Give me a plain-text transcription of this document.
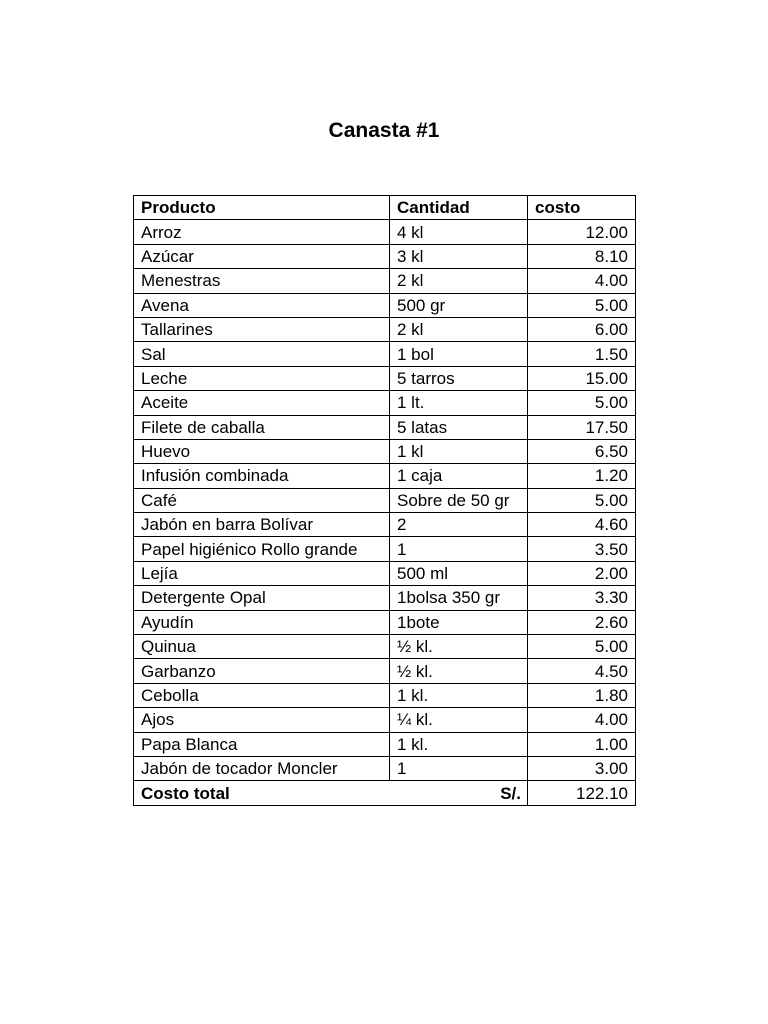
Canasta #1
Producto	Cantidad	costo
Arroz	4 kl	12.00
Azúcar	3 kl	8.10
Menestras	2 kl	4.00
Avena	500 gr	5.00
Tallarines	2 kl	6.00
Sal	1 bol	1.50
Leche	5 tarros	15.00
Aceite	1 lt.	5.00
Filete de caballa	5 latas	17.50
Huevo	1 kl	6.50
Infusión combinada	1 caja	1.20
Café	Sobre de 50 gr	5.00
Jabón en barra Bolívar	2	4.60
Papel higiénico Rollo grande	1	3.50
Lejía	500 ml	2.00
Detergente Opal	1bolsa 350 gr	3.30
Ayudín	1bote	2.60
Quinua	½ kl.	5.00
Garbanzo	½ kl.	4.50
Cebolla	1 kl.	1.80
Ajos	¼ kl.	4.00
Papa Blanca	1 kl.	1.00
Jabón de tocador Moncler	1	3.00
Costo total	S/.	122.10
